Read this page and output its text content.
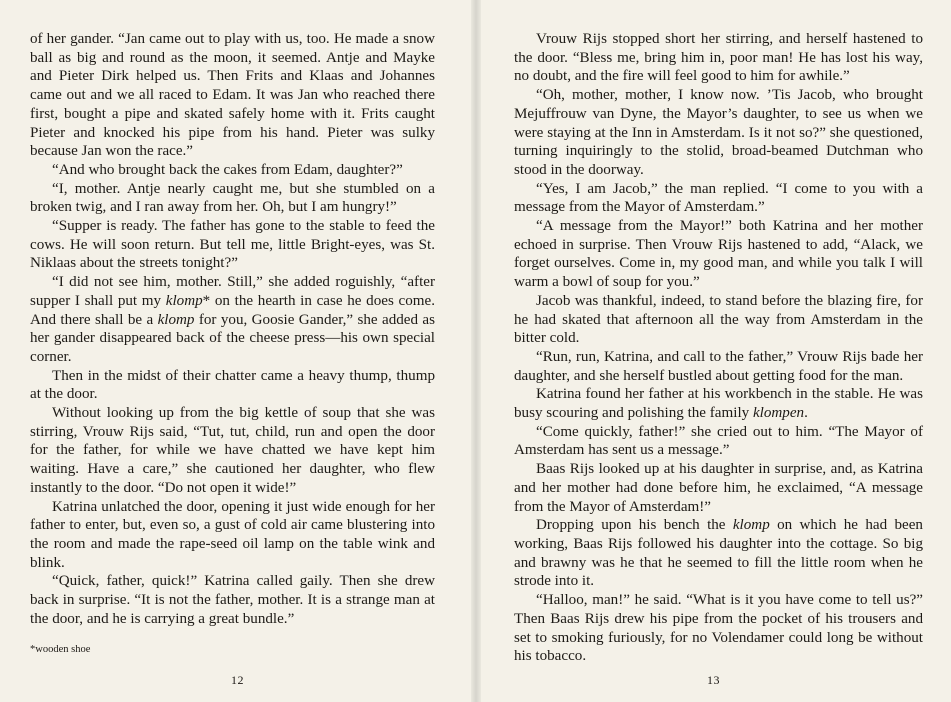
of her gander. “Jan came out to play with us, too. He made a snow ball as big and round as the moon, it seemed. Antje and Mayke and Pieter Dirk helped us. Then Frits and Klaas and Johannes came out and we all raced to Edam. It was Jan who reached there first, bought a pipe and skated safely home with it. Frits caught Pieter and knocked his pipe from his hand. Pieter was sulky because Jan won the race.”

“And who brought back the cakes from Edam, daughter?”

“I, mother. Antje nearly caught me, but she stumbled on a broken twig, and I ran away from her. Oh, but I am hungry!”

“Supper is ready. The father has gone to the stable to feed the cows. He will soon return. But tell me, little Bright-eyes, was St. Niklaas about the streets tonight?”

“I did not see him, mother. Still,” she added roguishly, “after supper I shall put my klomp* on the hearth in case he does come. And there shall be a klomp for you, Goosie Gander,” she added as her gander disappeared back of the cheese press—his own special corner.

Then in the midst of their chatter came a heavy thump, thump at the door.

Without looking up from the big kettle of soup that she was stirring, Vrouw Rijs said, “Tut, tut, child, run and open the door for the father, for while we have chatted we have kept him waiting. Have a care,” she cautioned her daughter, who flew instantly to the door. “Do not open it wide!”

Katrina unlatched the door, opening it just wide enough for her father to enter, but, even so, a gust of cold air came blustering into the room and made the rape-seed oil lamp on the table wink and blink.

“Quick, father, quick!” Katrina called gaily. Then she drew back in surprise. “It is not the father, mother. It is a strange man at the door, and he is carrying a great bundle.”

*wooden shoe

12

Vrouw Rijs stopped short her stirring, and herself hastened to the door. “Bless me, bring him in, poor man! He has lost his way, no doubt, and the fire will feel good to him for awhile.”

“Oh, mother, mother, I know now. ’Tis Jacob, who brought Mejuffrouw van Dyne, the Mayor’s daughter, to see us when we were staying at the Inn in Amsterdam. Is it not so?” she questioned, turning inquiringly to the stolid, broad-beamed Dutchman who stood in the doorway.

“Yes, I am Jacob,” the man replied. “I come to you with a message from the Mayor of Amsterdam.”

“A message from the Mayor!” both Katrina and her mother echoed in surprise. Then Vrouw Rijs hastened to add, “Alack, we forget ourselves. Come in, my good man, and while you talk I will warm a bowl of soup for you.”

Jacob was thankful, indeed, to stand before the blazing fire, for he had skated that afternoon all the way from Amsterdam in the bitter cold.

“Run, run, Katrina, and call to the father,” Vrouw Rijs bade her daughter, and she herself bustled about getting food for the man.

Katrina found her father at his workbench in the stable. He was busy scouring and polishing the family klompen.

“Come quickly, father!” she cried out to him. “The Mayor of Amsterdam has sent us a message.”

Baas Rijs looked up at his daughter in surprise, and, as Katrina and her mother had done before him, he exclaimed, “A message from the Mayor of Amsterdam!”

Dropping upon his bench the klomp on which he had been working, Baas Rijs followed his daughter into the cottage. So big and brawny was he that he seemed to fill the little room when he strode into it.

“Halloo, man!” he said. “What is it you have come to tell us?” Then Baas Rijs drew his pipe from the pocket of his trousers and set to smoking furiously, for no Volendamer could long be without his tobacco.

13
